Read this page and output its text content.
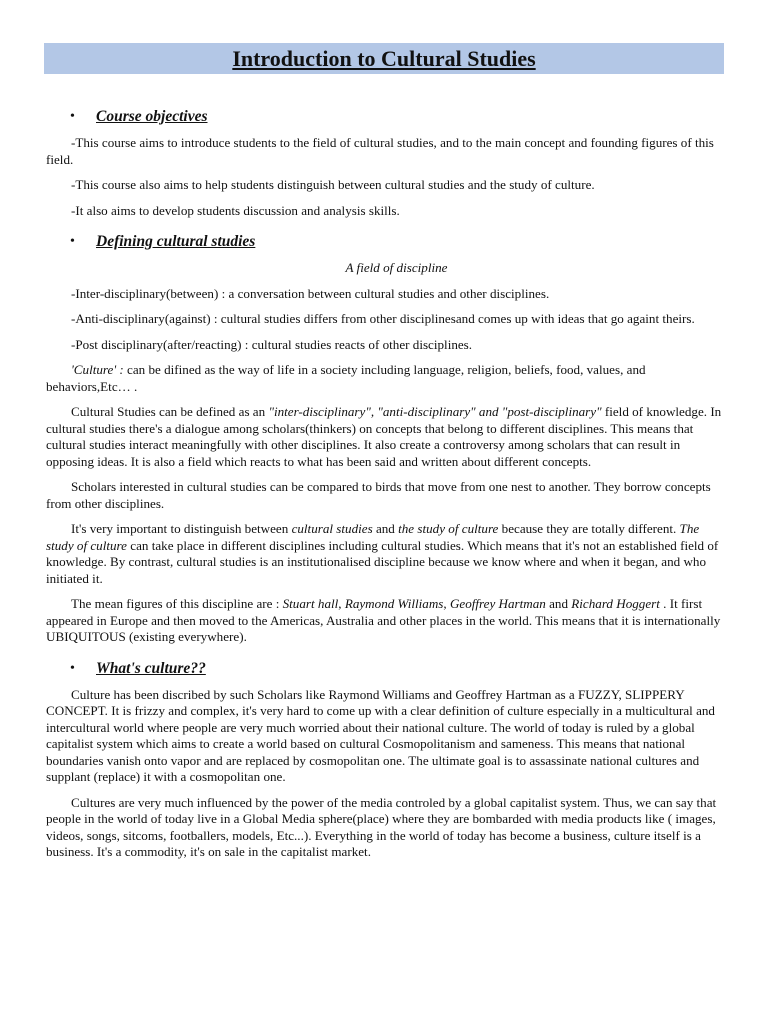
Introduction to Cultural Studies
• Course objectives

-This course aims to introduce students to the field of cultural studies, and to the main concept and founding figures of this field.

-This course also aims to help students distinguish between cultural studies and the study of culture.

-It also aims to develop students discussion and analysis skills.

• Defining cultural studies

A field of discipline

-Inter-disciplinary(between) : a conversation between cultural studies and other disciplines.

-Anti-disciplinary(against) : cultural studies differs from other disciplinesand comes up with ideas that go againt theirs.

-Post disciplinary(after/reacting) : cultural studies reacts of other disciplines.

'Culture' : can be difined as the way of life in a society including language, religion, beliefs, food, values, and behaviors,Etc… .

Cultural Studies can be defined as an "inter-disciplinary", "anti-disciplinary" and "post-disciplinary" field of knowledge. In cultural studies there's a dialogue among scholars(thinkers) on concepts that belong to different disciplines. This means that cultural studies interact meaningfully with other disciplines. It also create a controversy among scholars that can result in opposing ideas. It is also a field which reacts to what has been said and written about different concepts.

Scholars interested in cultural studies can be compared to birds that move from one nest to another. They borrow concepts from other disciplines.

It's very important to distinguish between cultural studies and the study of culture because they are totally different. The study of culture can take place in different disciplines including cultural studies. Which means that it's not an established field of knowledge. By contrast, cultural studies is an institutionalised discipline because we know where and when it began, and who initiated it.

The mean figures of this discipline are : Stuart hall, Raymond Williams, Geoffrey Hartman and Richard Hoggert . It first appeared in Europe and then moved to the Americas, Australia and other places in the world. This means that it is internationally UBIQUITOUS (existing everywhere).

• What's culture??

Culture has been discribed by such Scholars like Raymond Williams and Geoffrey Hartman as a FUZZY, SLIPPERY CONCEPT. It is frizzy and complex, it's very hard to come up with a clear definition of culture especially in a multicultural and intercultural world where people are very much worried about their national culture. The world of today is ruled by a global capitalist system which aims to create a world based on cultural Cosmopolitanism and sameness. This means that national boundaries vanish onto vapor and are replaced by cosmopolitan one. The ultimate goal is to assassinate national cultures and supplant (replace) it with a cosmopolitan one.

Cultures are very much influenced by the power of the media controled by a global capitalist system. Thus, we can say that people in the world of today live in a Global Media sphere(place) where they are bombarded with media products like ( images, videos, songs, sitcoms, footballers, models, Etc...). Everything in the world of today has become a business, culture itself is a business. It's a commodity, it's on sale in the capitalist market.
